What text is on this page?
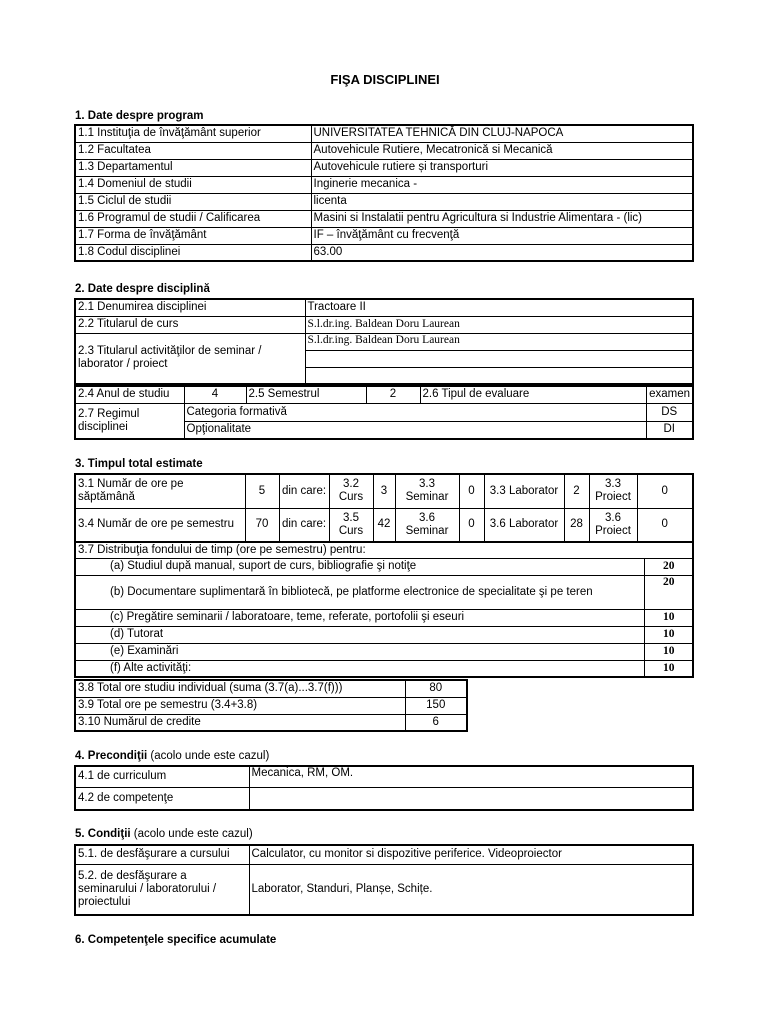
FIŞA DISCIPLINEI
1. Date despre program
1.1 Instituţia de învăţământ superior	UNIVERSITATEA TEHNICĂ DIN CLUJ-NAPOCA
1.2 Facultatea	Autovehicule Rutiere, Mecatronică si Mecanică
1.3 Departamentul	Autovehicule rutiere și transporturi
1.4 Domeniul de studii	Inginerie mecanica -
1.5 Ciclul de studii	licenta
1.6 Programul de studii / Calificarea	Masini si Instalatii pentru Agricultura si Industrie Alimentara - (lic)
1.7 Forma de învăţământ	IF – învăţământ cu frecvenţă
1.8 Codul disciplinei	63.00
2. Date despre disciplină
2.1 Denumirea disciplinei	Tractoare II
2.2 Titularul de curs	S.l.dr.ing. Baldean Doru Laurean
2.3 Titularul activităţilor de seminar / laborator / proiect	S.l.dr.ing. Baldean Doru Laurean

2.4 Anul de studiu	4	2.5 Semestrul	2	2.6 Tipul de evaluare	examen
2.7 Regimul disciplinei	Categoria formativă				DS
	Opţionalitate				DI
3. Timpul total estimate
3.1 Număr de ore pe săptămână	5	din care:	3.2 Curs	3	3.3 Seminar	0	3.3 Laborator	2	3.3 Proiect	0
3.4 Număr de ore pe semestru	70	din care:	3.5 Curs	42	3.6 Seminar	0	3.6 Laborator	28	3.6 Proiect	0
3.7 Distribuţia fondului de timp (ore pe semestru) pentru:	
(a) Studiul după manual, suport de curs, bibliografie şi notiţe	20
(b) Documentare suplimentară în bibliotecă, pe platforme electronice de specialitate şi pe teren	20
(c) Pregătire seminarii / laboratoare, teme, referate, portofolii şi eseuri	10
(d) Tutorat	10
(e) Examinări	10
(f) Alte activităţi:	10
3.8 Total ore studiu individual (suma (3.7(a)...3.7(f)))	80
3.9 Total ore pe semestru (3.4+3.8)	150
3.10 Numărul de credite	6
4. Precondiţii (acolo unde este cazul)
4.1 de curriculum	Mecanica, RM, OM.
4.2 de competenţe	
5. Condiţii (acolo unde este cazul)
5.1. de desfăşurare a cursului	Calculator, cu monitor si dispozitive periferice. Videoproiector
5.2. de desfăşurare a seminarului / laboratorului / proiectului	Laborator, Standuri, Planșe, Schițe.
6. Competenţele specifice acumulate
